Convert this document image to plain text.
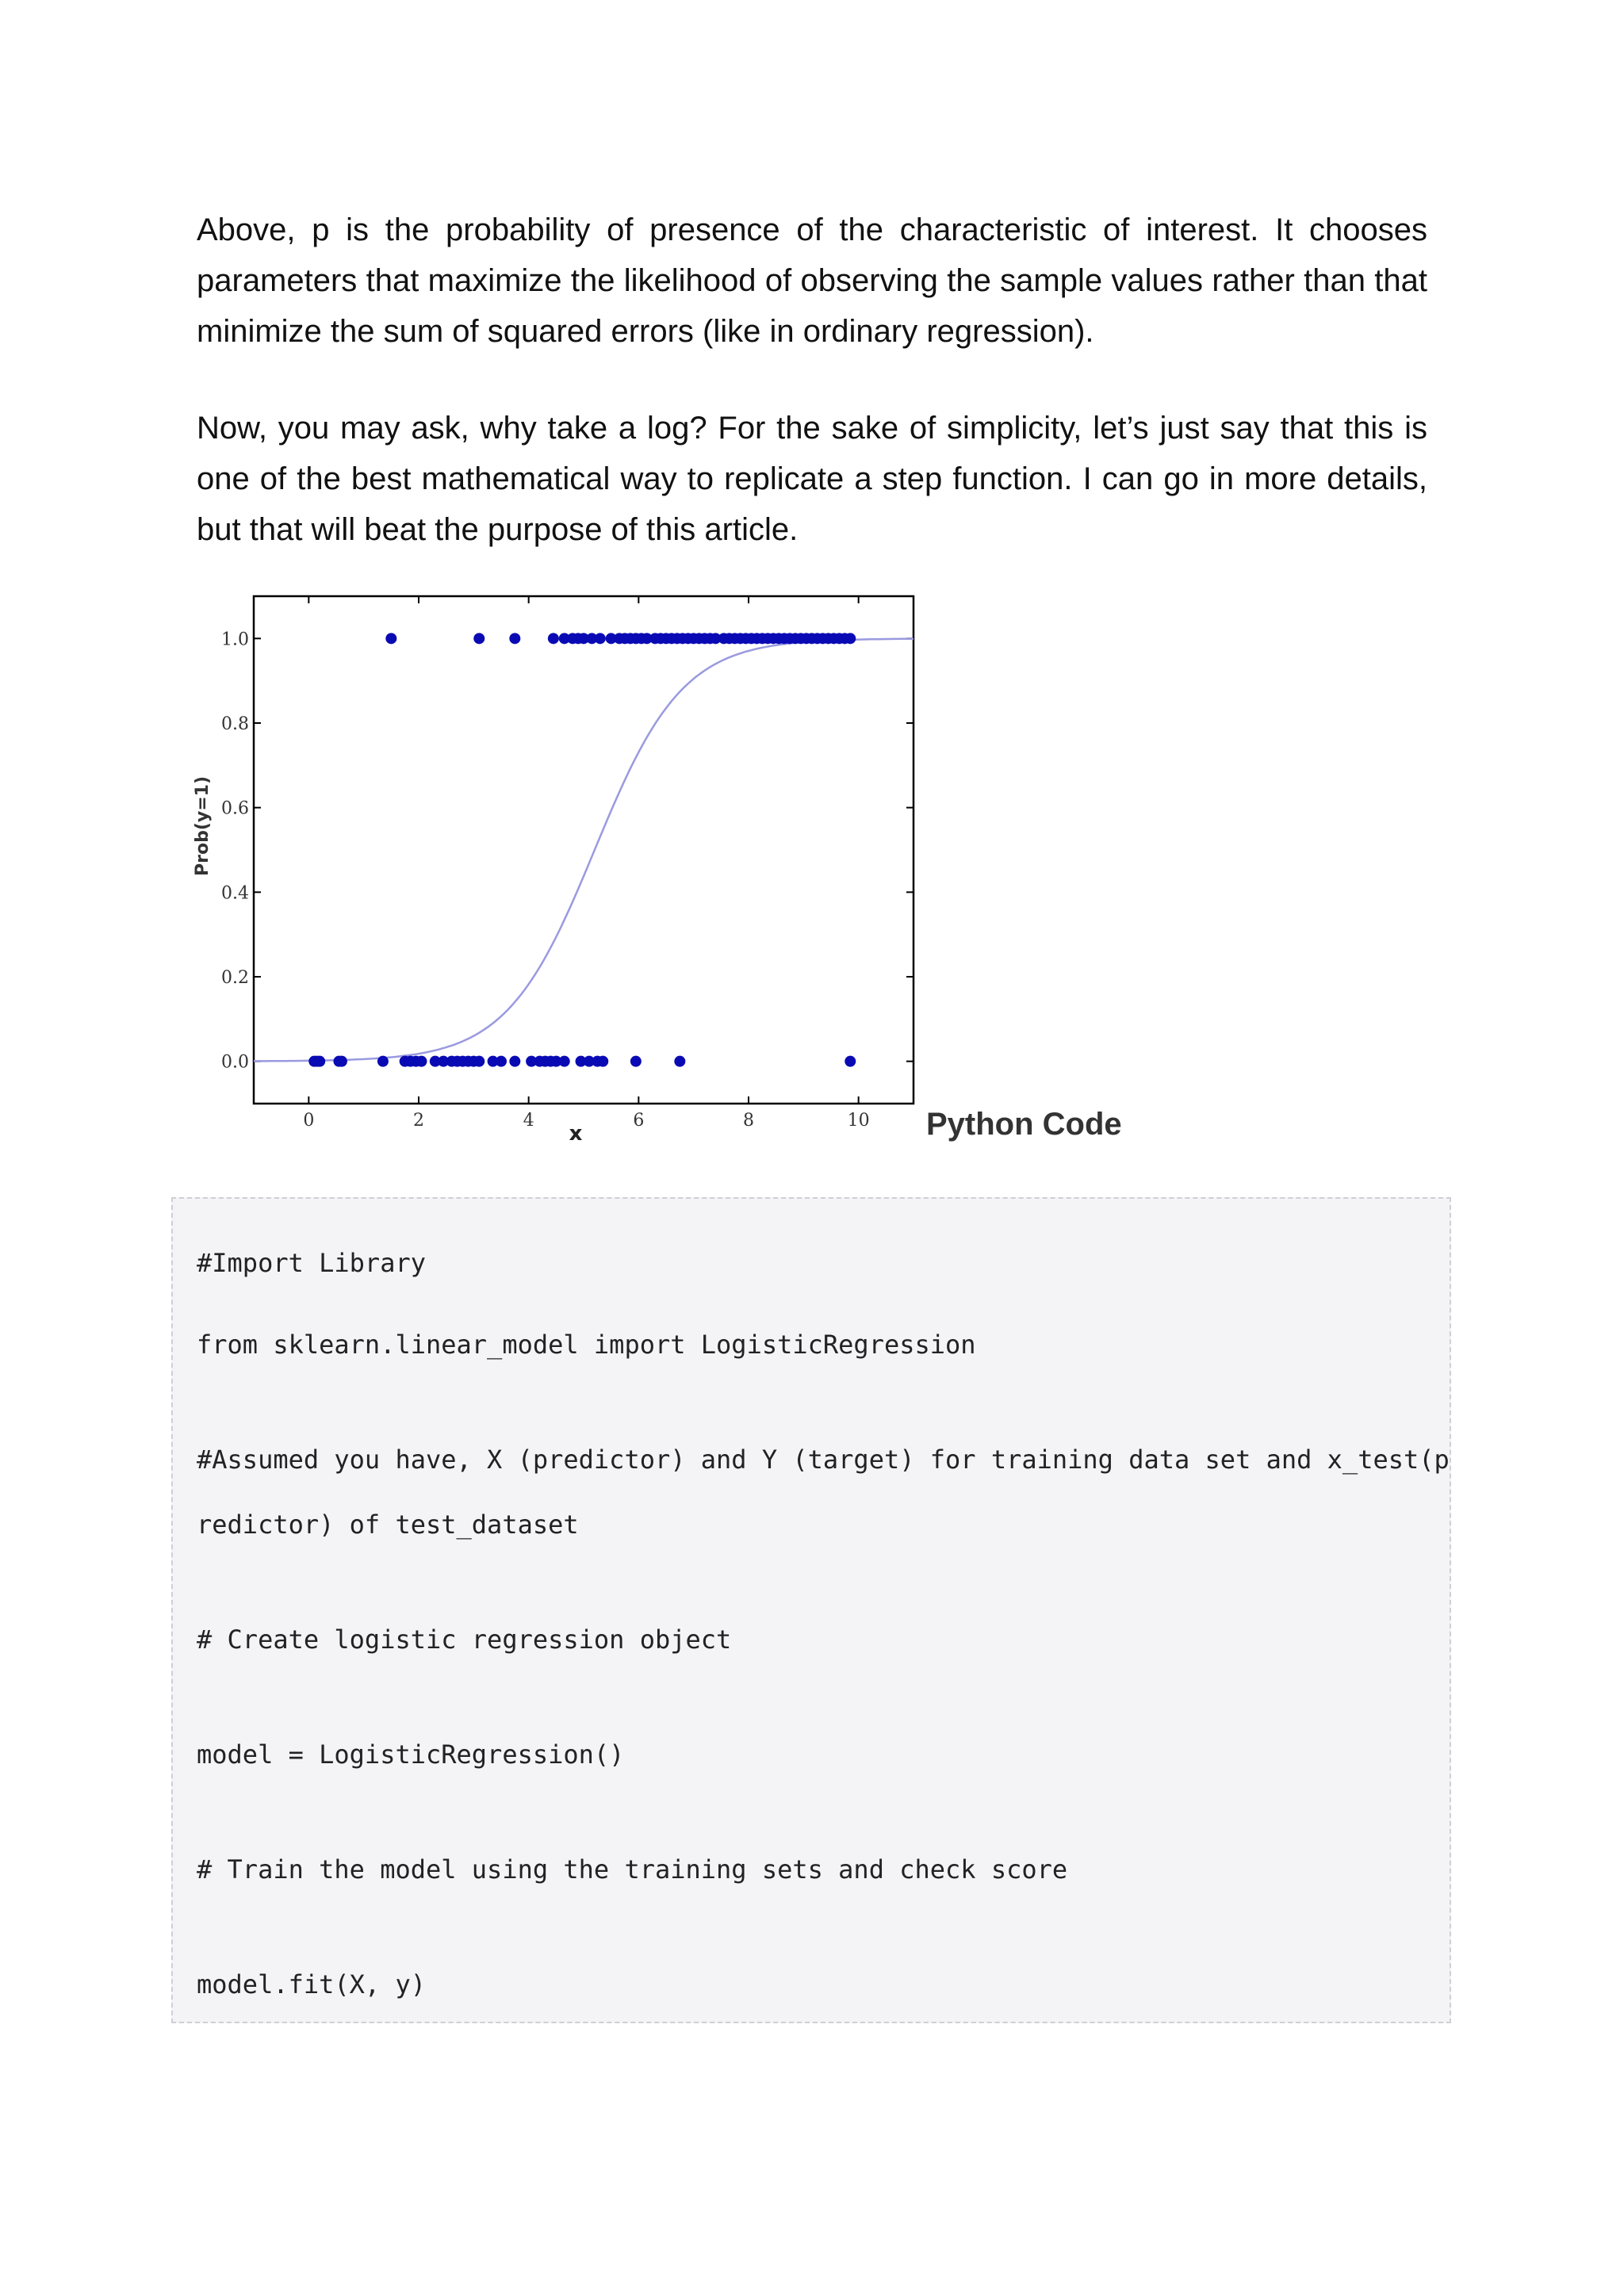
Above, p is the probability of presence of the characteristic of interest. It chooses parameters that maximize the likelihood of observing the sample values rather than that minimize the sum of squared errors (like in ordinary regression).

Now, you may ask, why take a log? For the sake of simplicity, let’s just say that this is one of the best mathematical way to replicate a step function. I can go in more details, but that will beat the purpose of this article.

0.0
0.2
0.4
0.6
0.8
1.0
0	2	4	6	8	10
x
Prob(y=1)
Python Code
#Import Library
from sklearn.linear_model import LogisticRegression
#Assumed you have, X (predictor) and Y (target) for training data set and x_test(p
redictor) of test_dataset
# Create logistic regression object
model = LogisticRegression()
# Train the model using the training sets and check score
model.fit(X, y)
